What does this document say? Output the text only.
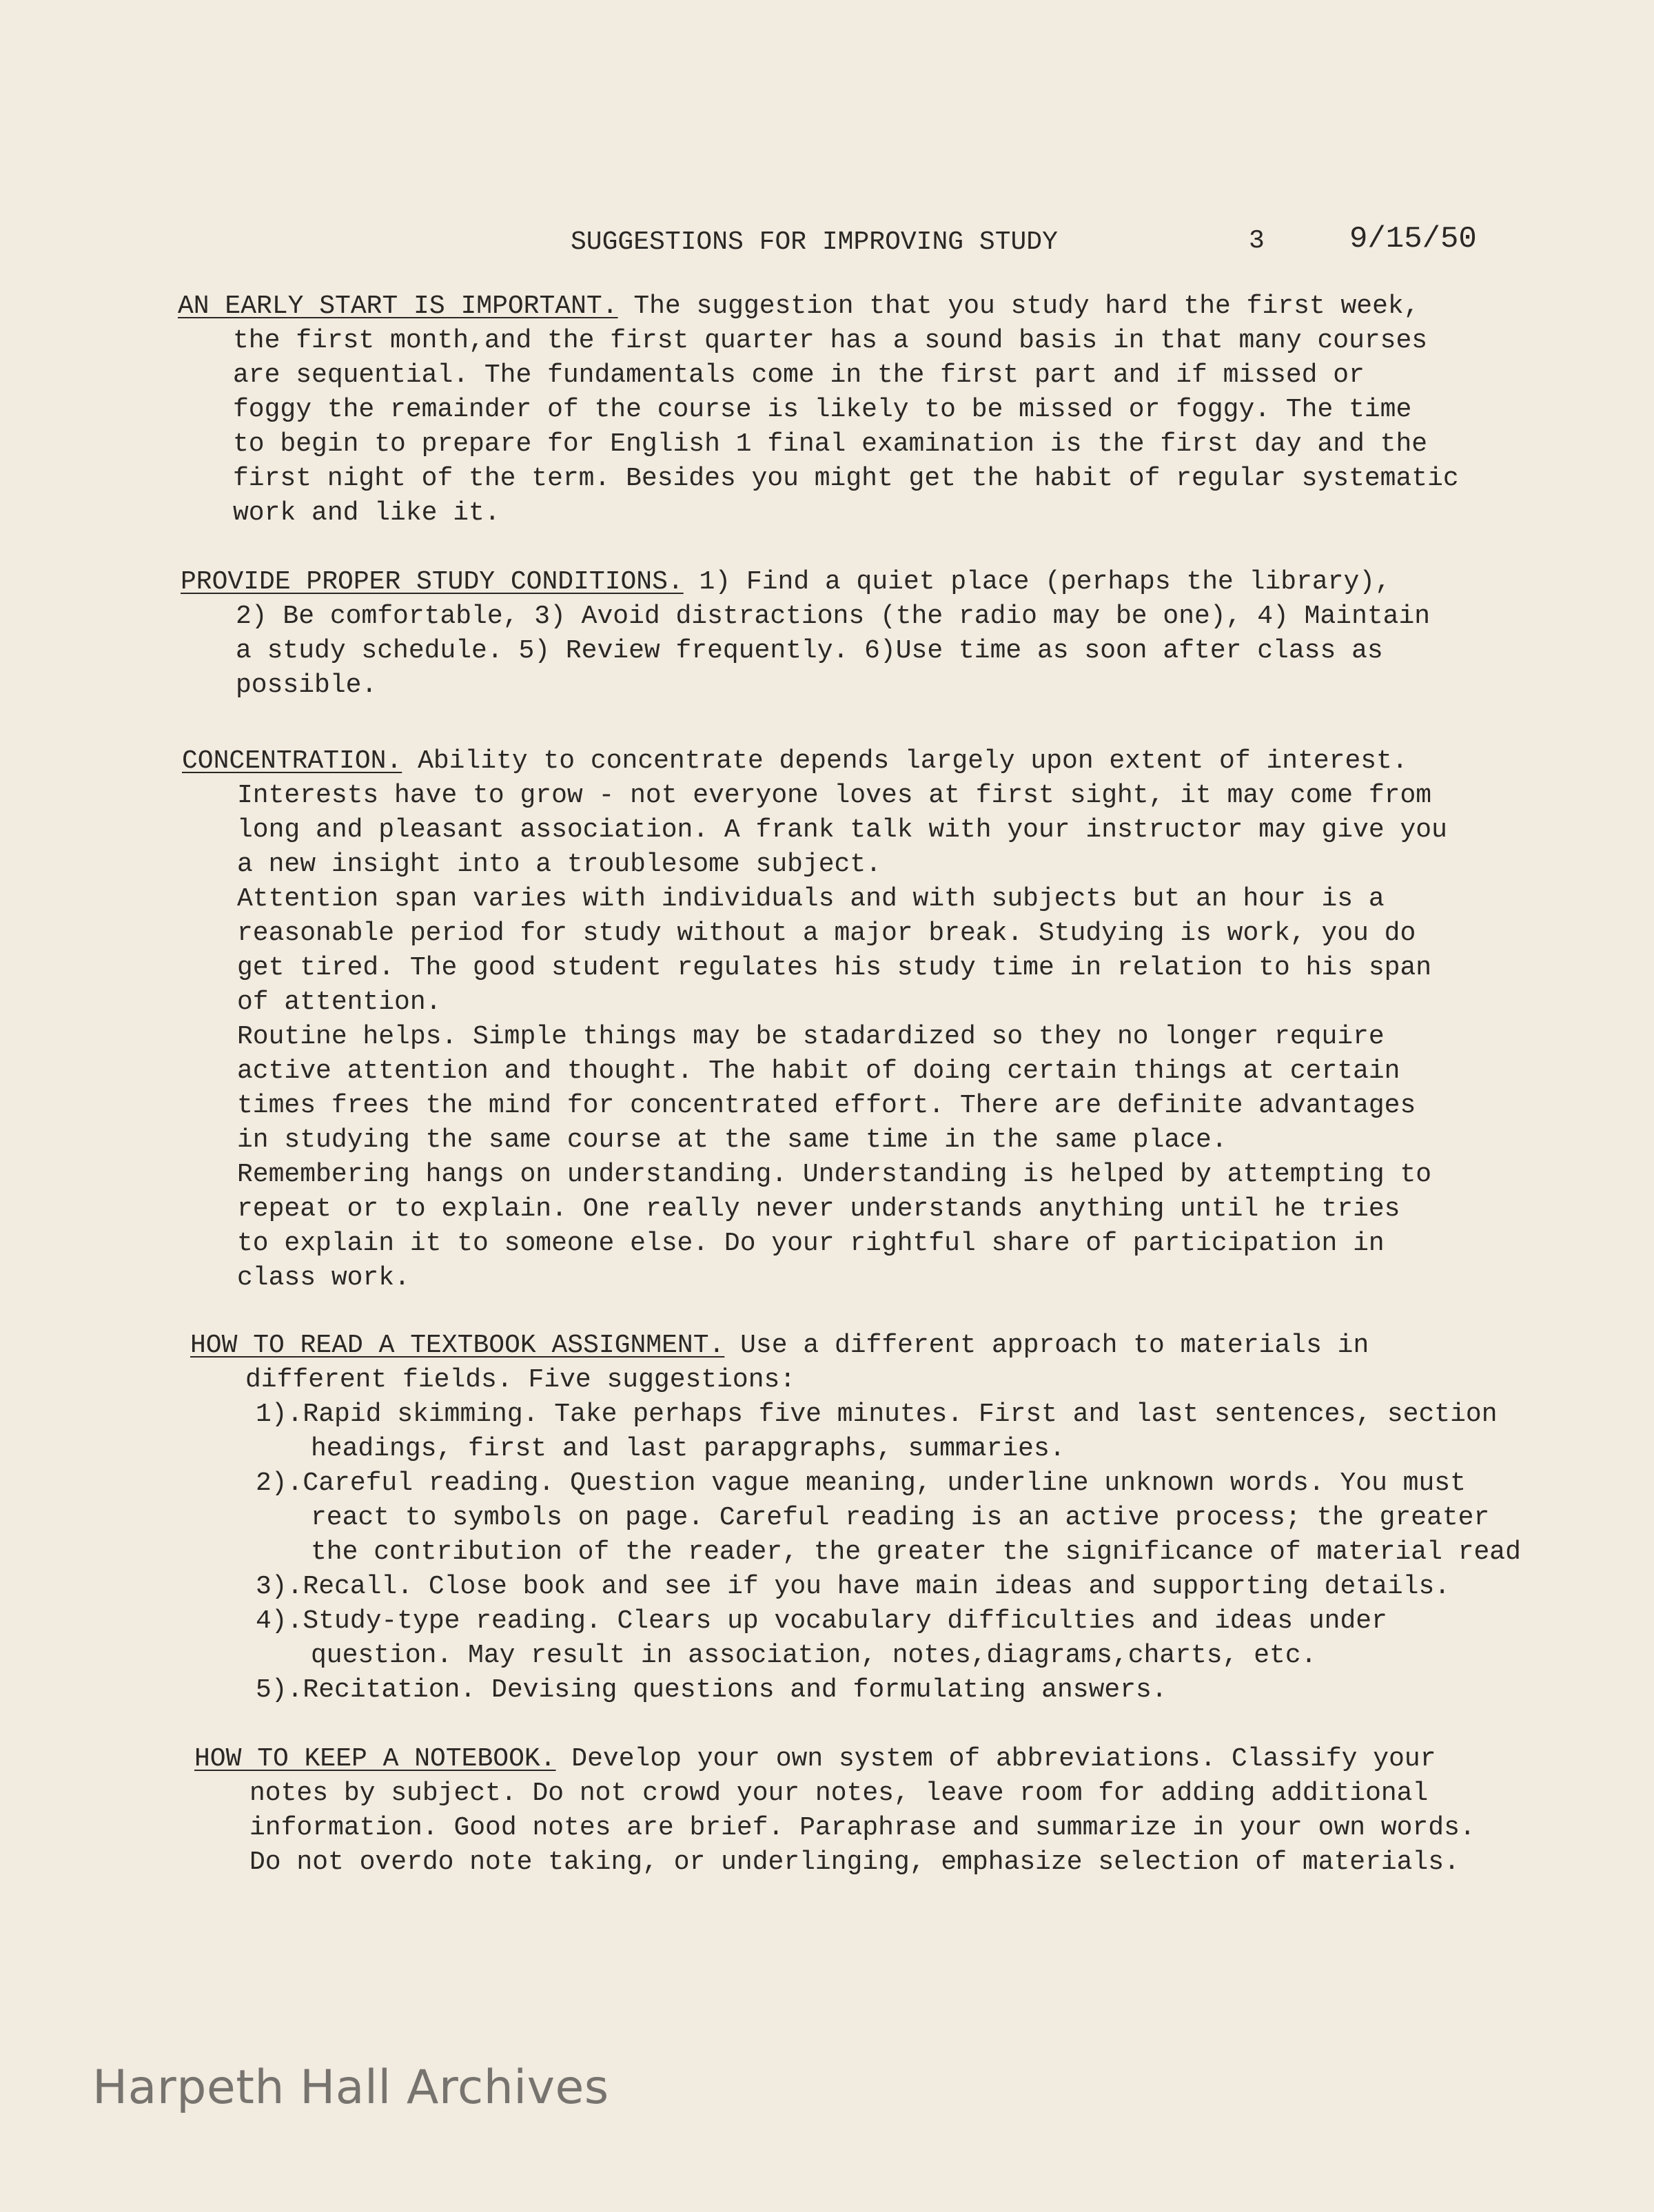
SUGGESTIONS FOR IMPROVING STUDY	3	9/15/50
AN EARLY START IS IMPORTANT. The suggestion that you study hard the first week,
the first month,and the first quarter has a sound basis in that many courses
are sequential. The fundamentals come in the first part and if missed or
foggy the remainder of the course is likely to be missed or foggy. The time
to begin to prepare for English 1 final examination is the first day and the
first night of the term. Besides you might get the habit of regular systematic
work and like it.
PROVIDE PROPER STUDY CONDITIONS. 1) Find a quiet place (perhaps the library),
2) Be comfortable, 3) Avoid distractions (the radio may be one), 4) Maintain
a study schedule. 5) Review frequently. 6)Use time as soon after class as
possible.
CONCENTRATION. Ability to concentrate depends largely upon extent of interest.
Interests have to grow - not everyone loves at first sight, it may come from
long and pleasant association. A frank talk with your instructor may give you
a new insight into a troublesome subject.
Attention span varies with individuals and with subjects but an hour is a
reasonable period for study without a major break. Studying is work, you do
get tired. The good student regulates his study time in relation to his span
of attention.
Routine helps. Simple things may be stadardized so they no longer require
active attention and thought. The habit of doing certain things at certain
times frees the mind for concentrated effort. There are definite advantages
in studying the same course at the same time in the same place.
Remembering hangs on understanding. Understanding is helped by attempting to
repeat or to explain. One really never understands anything until he tries
to explain it to someone else. Do your rightful share of participation in
class work.
HOW TO READ A TEXTBOOK ASSIGNMENT. Use a different approach to materials in
different fields. Five suggestions:
1).Rapid skimming. Take perhaps five minutes. First and last sentences, section
headings, first and last parapgraphs, summaries.
2).Careful reading. Question vague meaning, underline unknown words. You must
react to symbols on page. Careful reading is an active process; the greater
the contribution of the reader, the greater the significance of material read
3).Recall. Close book and see if you have main ideas and supporting details.
4).Study-type reading. Clears up vocabulary difficulties and ideas under
question. May result in association, notes,diagrams,charts, etc.
5).Recitation. Devising questions and formulating answers.
HOW TO KEEP A NOTEBOOK. Develop your own system of abbreviations. Classify your
notes by subject. Do not crowd your notes, leave room for adding additional
information. Good notes are brief. Paraphrase and summarize in your own words.
Do not overdo note taking, or underlinging, emphasize selection of materials.
Harpeth Hall Archives
